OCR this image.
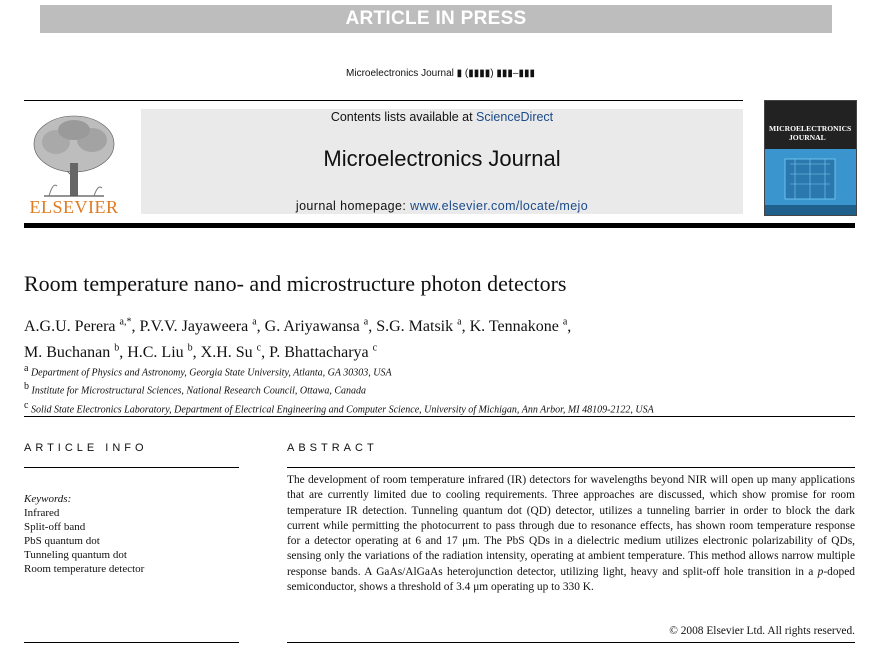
ARTICLE IN PRESS
Microelectronics Journal ▮ (▮▮▮▮) ▮▮▮–▮▮▮
ELSEVIER
Contents lists available at ScienceDirect
Microelectronics Journal
journal homepage: www.elsevier.com/locate/mejo
MICROELECTRONICS
JOURNAL
Room temperature nano- and microstructure photon detectors
A.G.U. Perera $^{a,*}$, P.V.V. Jayaweera $^a$, G. Ariyawansa $^a$, S.G. Matsik $^a$, K. Tennakone $^a$,
M. Buchanan $^b$, H.C. Liu $^b$, X.H. Su $^c$, P. Bhattacharya $^c$
$^a$ Department of Physics and Astronomy, Georgia State University, Atlanta, GA 30303, USA
$^b$ Institute for Microstructural Sciences, National Research Council, Ottawa, Canada
$^c$ Solid State Electronics Laboratory, Department of Electrical Engineering and Computer Science, University of Michigan, Ann Arbor, MI 48109-2122, USA
ARTICLE INFO
Keywords:
Infrared
Split-off band
PbS quantum dot
Tunneling quantum dot
Room temperature detector
ABSTRACT
The development of room temperature infrared (IR) detectors for wavelengths beyond NIR will open up many applications that are currently limited due to cooling requirements. Three approaches are discussed, which show promise for room temperature IR detection. Tunneling quantum dot (QD) detector, utilizes a tunneling barrier in order to block the dark current while permitting the photocurrent to pass through due to resonance effects, has shown room temperature response for a detector operating at 6 and 17 μm. The PbS QDs in a dielectric medium utilizes electronic polarizability of QDs, sensing only the variations of the radiation intensity, operating at ambient temperature. This method allows narrow multiple response bands. A GaAs/AlGaAs heterojunction detector, utilizing light, heavy and split-off hole transition in a p-doped semiconductor, shows a threshold of 3.4 μm operating up to 330 K.
© 2008 Elsevier Ltd. All rights reserved.
